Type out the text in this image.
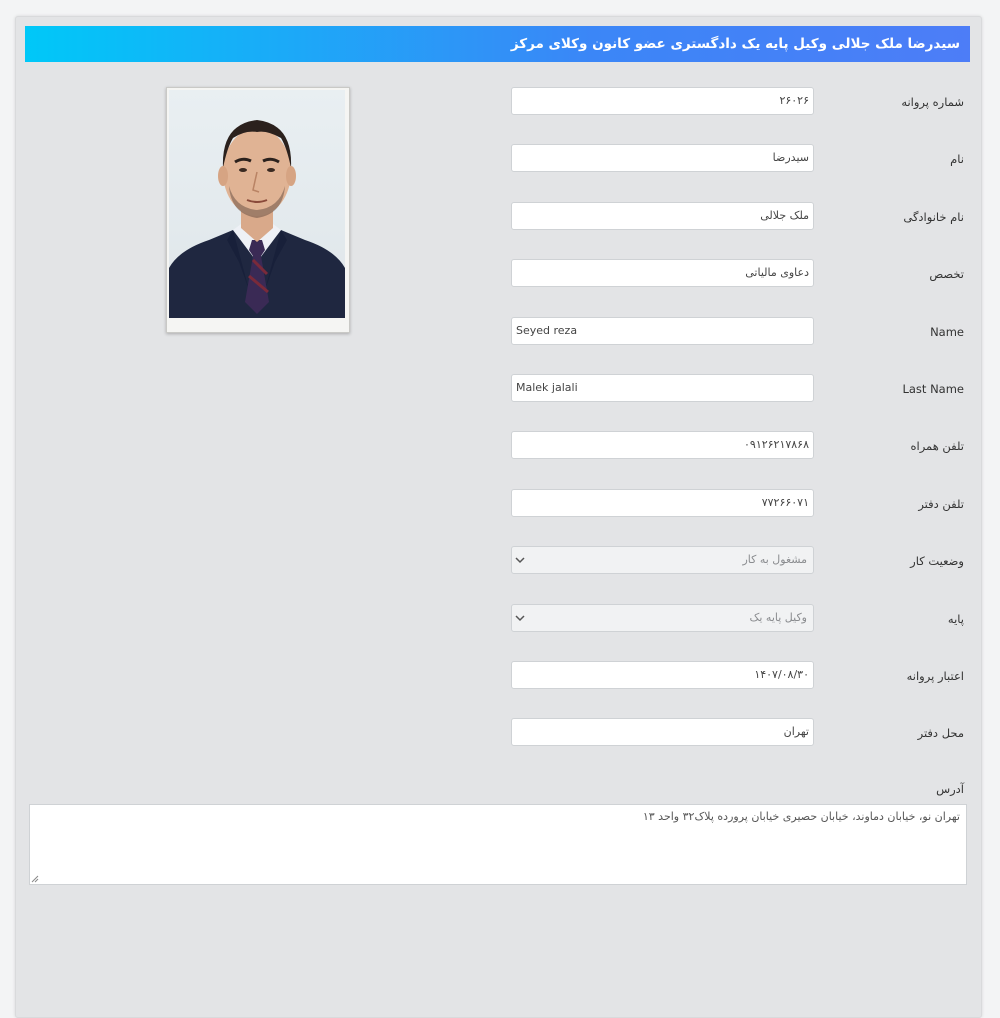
سیدرضا ملک جلالی وکیل پایه یک دادگستری عضو کانون وکلای مرکز
شماره پروانه
۲۶۰۲۶
نام
سیدرضا
نام خانوادگی
ملک جلالی
تخصص
دعاوی مالیاتی
Name
Seyed reza
Last Name
Malek jalali
تلفن همراه
۰۹۱۲۶۲۱۷۸۶۸
تلفن دفتر
۷۷۲۶۶۰۷۱
وضعیت کار
مشغول به کار
پایه
وکیل پایه یک
اعتبار پروانه
۱۴۰۷/۰۸/۳۰
محل دفتر
تهران
آدرس
تهران نو، خیابان دماوند، خیابان حصیری خیابان پرورده پلاک۳۲ واحد ۱۳
